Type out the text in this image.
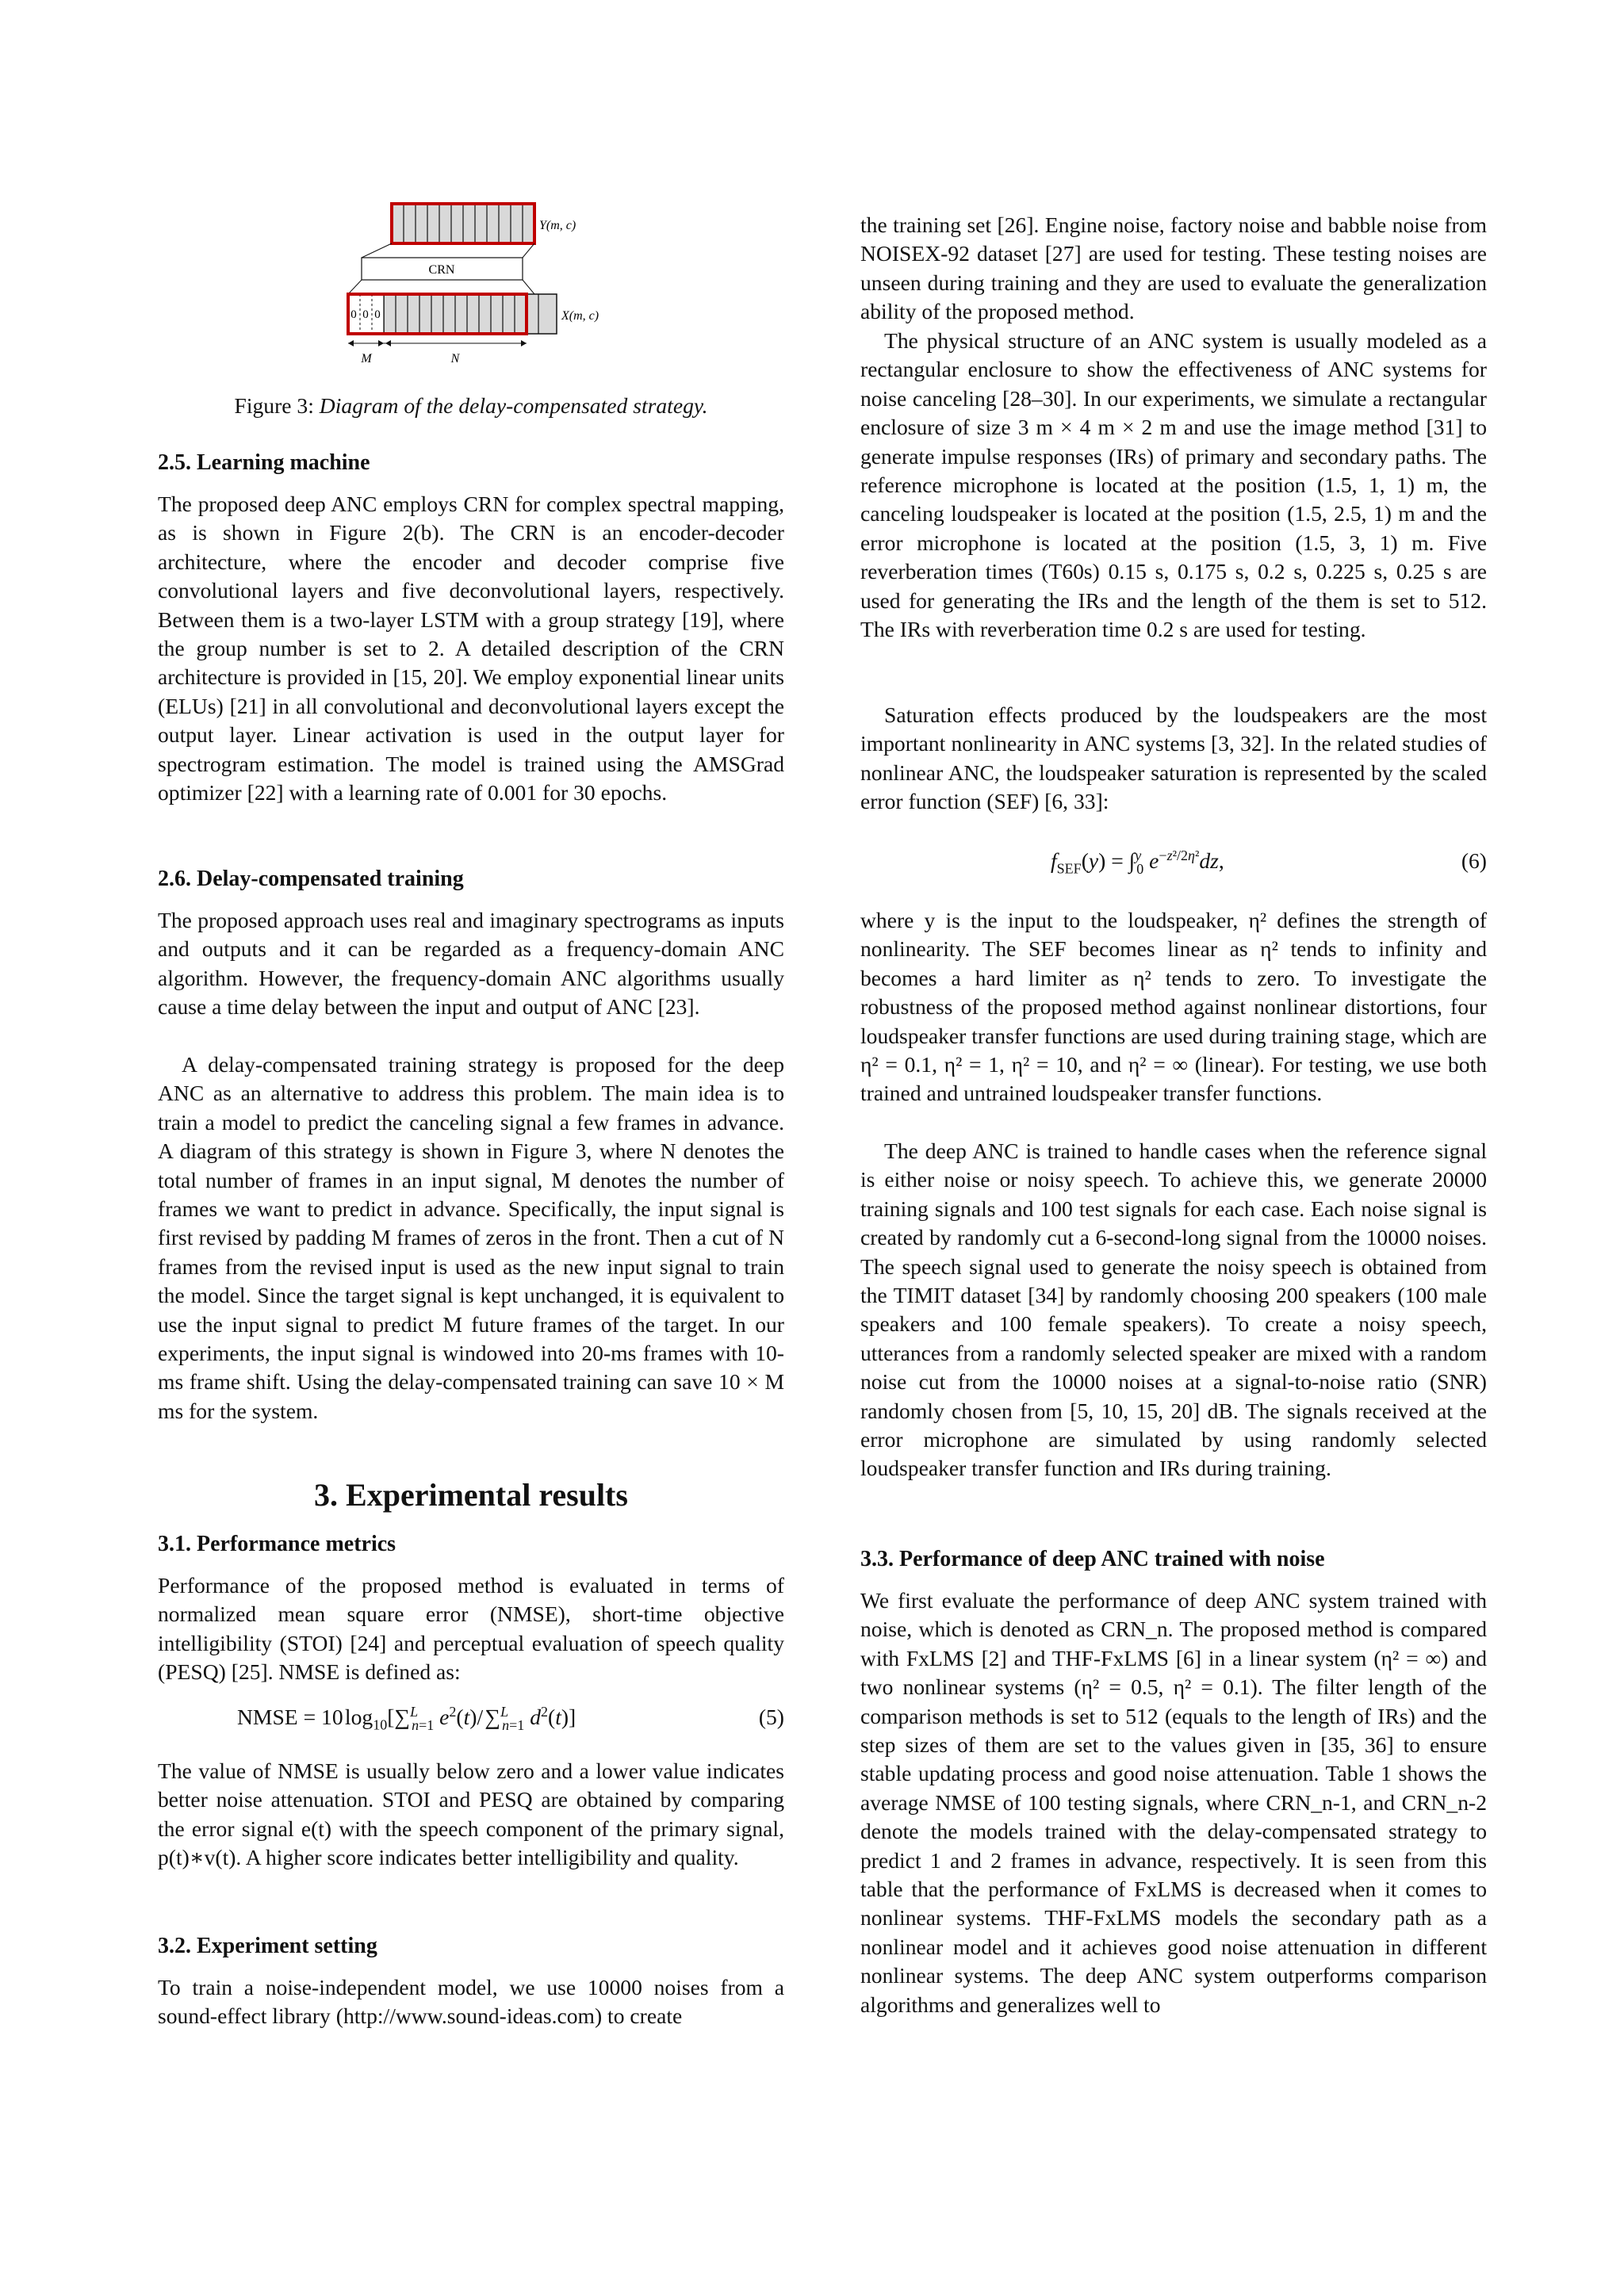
Y(m, c)
CRN
0 0 0	X(m, c)
M	N
Figure 3: Diagram of the delay-compensated strategy.
2.5. Learning machine

The proposed deep ANC employs CRN for complex spectral mapping, as is shown in Figure 2(b). The CRN is an encoder-decoder architecture, where the encoder and decoder comprise five convolutional layers and five deconvolutional layers, respectively. Between them is a two-layer LSTM with a group strategy [19], where the group number is set to 2. A detailed description of the CRN architecture is provided in [15, 20]. We employ exponential linear units (ELUs) [21] in all convolutional and deconvolutional layers except the output layer. Linear activation is used in the output layer for spectrogram estimation. The model is trained using the AMSGrad optimizer [22] with a learning rate of 0.001 for 30 epochs.

2.6. Delay-compensated training

The proposed approach uses real and imaginary spectrograms as inputs and outputs and it can be regarded as a frequency-domain ANC algorithm. However, the frequency-domain ANC algorithms usually cause a time delay between the input and output of ANC [23].

A delay-compensated training strategy is proposed for the deep ANC as an alternative to address this problem. The main idea is to train a model to predict the canceling signal a few frames in advance. A diagram of this strategy is shown in Figure 3, where N denotes the total number of frames in an input signal, M denotes the number of frames we want to predict in advance. Specifically, the input signal is first revised by padding M frames of zeros in the front. Then a cut of N frames from the revised input is used as the new input signal to train the model. Since the target signal is kept unchanged, it is equivalent to use the input signal to predict M future frames of the target. In our experiments, the input signal is windowed into 20-ms frames with 10-ms frame shift. Using the delay-compensated training can save 10 × M ms for the system.

3. Experimental results
3.1. Performance metrics

Performance of the proposed method is evaluated in terms of normalized mean square error (NMSE), short-time objective intelligibility (STOI) [24] and perceptual evaluation of speech quality (PESQ) [25]. NMSE is defined as:

NMSE = 10 $\log_{10}[\sum^L_{n=1}$ $e^2(t)/$ ∑$^L_{n=1}$ $d^2(t)$]	(5)

The value of NMSE is usually below zero and a lower value indicates better noise attenuation. STOI and PESQ are obtained by comparing the error signal e(t) with the speech component of the primary signal, p(t)∗v(t). A higher score indicates better intelligibility and quality.

3.2. Experiment setting

To train a noise-independent model, we use 10000 noises from a sound-effect library (http://www.sound-ideas.com) to create

the training set [26]. Engine noise, factory noise and babble noise from NOISEX-92 dataset [27] are used for testing. These testing noises are unseen during training and they are used to evaluate the generalization ability of the proposed method.

The physical structure of an ANC system is usually modeled as a rectangular enclosure to show the effectiveness of ANC systems for noise canceling [28–30]. In our experiments, we simulate a rectangular enclosure of size 3 m × 4 m × 2 m and use the image method [31] to generate impulse responses (IRs) of primary and secondary paths. The reference microphone is located at the position (1.5, 1, 1) m, the canceling loudspeaker is located at the position (1.5, 2.5, 1) m and the error microphone is located at the position (1.5, 3, 1) m. Five reverberation times (T60s) 0.15 s, 0.175 s, 0.2 s, 0.225 s, 0.25 s are used for generating the IRs and the length of the them is set to 512. The IRs with reverberation time 0.2 s are used for testing.

Saturation effects produced by the loudspeakers are the most important nonlinearity in ANC systems [3, 32]. In the related studies of nonlinear ANC, the loudspeaker saturation is represented by the scaled error function (SEF) [6, 33]:

$f_{SEF}(y) = \int^y_0$ $e^{-z^2/2\eta^2}dz$,	(6)

where y is the input to the loudspeaker, η² defines the strength of nonlinearity. The SEF becomes linear as η² tends to infinity and becomes a hard limiter as η² tends to zero. To investigate the robustness of the proposed method against nonlinear distortions, four loudspeaker transfer functions are used during training stage, which are η² = 0.1, η² = 1, η² = 10, and η² = ∞ (linear). For testing, we use both trained and untrained loudspeaker transfer functions.

The deep ANC is trained to handle cases when the reference signal is either noise or noisy speech. To achieve this, we generate 20000 training signals and 100 test signals for each case. Each noise signal is created by randomly cut a 6-second-long signal from the 10000 noises. The speech signal used to generate the noisy speech is obtained from the TIMIT dataset [34] by randomly choosing 200 speakers (100 male speakers and 100 female speakers). To create a noisy speech, utterances from a randomly selected speaker are mixed with a random noise cut from the 10000 noises at a signal-to-noise ratio (SNR) randomly chosen from [5, 10, 15, 20] dB. The signals received at the error microphone are simulated by using randomly selected loudspeaker transfer function and IRs during training.

3.3. Performance of deep ANC trained with noise

We first evaluate the performance of deep ANC system trained with noise, which is denoted as CRN_n. The proposed method is compared with FxLMS [2] and THF-FxLMS [6] in a linear system (η² = ∞) and two nonlinear systems (η² = 0.5, η² = 0.1). The filter length of the comparison methods is set to 512 (equals to the length of IRs) and the step sizes of them are set to the values given in [35, 36] to ensure stable updating process and good noise attenuation. Table 1 shows the average NMSE of 100 testing signals, where CRN_n-1, and CRN_n-2 denote the models trained with the delay-compensated strategy to predict 1 and 2 frames in advance, respectively. It is seen from this table that the performance of FxLMS is decreased when it comes to nonlinear systems. THF-FxLMS models the secondary path as a nonlinear model and it achieves good noise attenuation in different nonlinear systems. The deep ANC system outperforms comparison algorithms and generalizes well to
